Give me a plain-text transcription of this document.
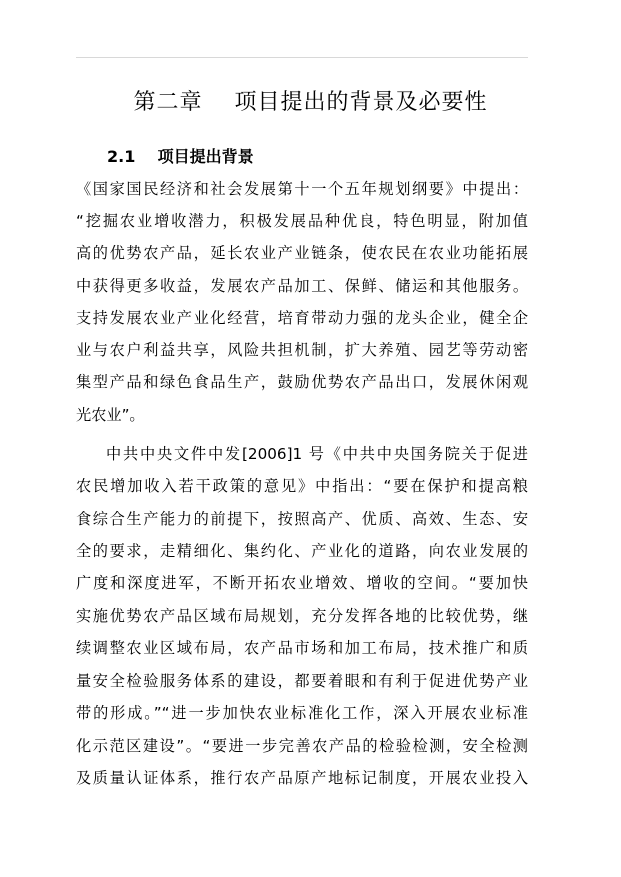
第二章    项目提出的背景及必要性
2.1    项目提出背景
《国家国民经济和社会发展第十一个五年规划纲要》中提出：
“挖掘农业增收潜力，积极发展品种优良，特色明显，附加值
高的优势农产品，延长农业产业链条，使农民在农业功能拓展
中获得更多收益，发展农产品加工、保鲜、储运和其他服务。
支持发展农业产业化经营，培育带动力强的龙头企业，健全企
业与农户利益共享，风险共担机制，扩大养殖、园艺等劳动密
集型产品和绿色食品生产，鼓励优势农产品出口，发展休闲观
光农业”。
中共中央文件中发[2006]1 号《中共中央国务院关于促进
农民增加收入若干政策的意见》中指出：“要在保护和提高粮
食综合生产能力的前提下，按照高产、优质、高效、生态、安
全的要求，走精细化、集约化、产业化的道路，向农业发展的
广度和深度进军，不断开拓农业增效、增收的空间。“要加快
实施优势农产品区域布局规划，充分发挥各地的比较优势，继
续调整农业区域布局，农产品市场和加工布局，技术推广和质
量安全检验服务体系的建设，都要着眼和有利于促进优势产业
带的形成。”“进一步加快农业标准化工作，深入开展农业标准
化示范区建设”。“要进一步完善农产品的检验检测，安全检测
及质量认证体系，推行农产品原产地标记制度，开展农业投入
